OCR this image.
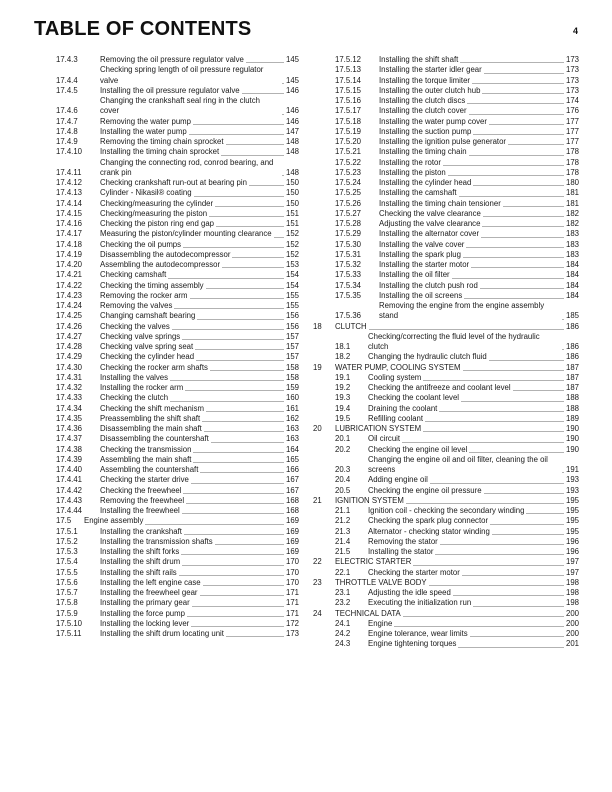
TABLE OF CONTENTS	4
17.4.3	Removing the oil pressure regulator valve	145
17.4.4
Checking spring length of oil pressure regulator valve	145
17.4.5	Installing the oil pressure regulator valve	146
17.4.6
Changing the crankshaft seal ring in the clutch cover	146
17.4.7	Removing the water pump	146
17.4.8	Installing the water pump	147
17.4.9	Removing the timing chain sprocket	148
17.4.10	Installing the timing chain sprocket	148
17.4.11
Changing the connecting rod, conrod bearing, and crank pin	148
17.4.12	Checking crankshaft run-out at bearing pin	150
17.4.13	Cylinder - Nikasil® coating	150
17.4.14	Checking/measuring the cylinder	150
17.4.15	Checking/measuring the piston	151
17.4.16	Checking the piston ring end gap	151
17.4.17	Measuring the piston/cylinder mounting clearance 152
17.4.18	Checking the oil pumps	152
17.4.19	Disassembling the autodecompressor	152
17.4.20	Assembling the autodecompressor	153
17.4.21	Checking camshaft	154
17.4.22	Checking the timing assembly	154
17.4.23	Removing the rocker arm	155
17.4.24	Removing the valves	155
17.4.25	Changing camshaft bearing	156
17.4.26	Checking the valves	156
17.4.27	Checking valve springs	157
17.4.28	Checking valve spring seat	157
17.4.29	Checking the cylinder head	157
17.4.30	Checking the rocker arm shafts	158
17.4.31	Installing the valves	158
17.4.32	Installing the rocker arm	159
17.4.33	Checking the clutch	160
17.4.34	Checking the shift mechanism	161
17.4.35	Preassembling the shift shaft	162
17.4.36	Disassembling the main shaft	163
17.4.37	Disassembling the countershaft	163
17.4.38	Checking the transmission	164
17.4.39	Assembling the main shaft	165
17.4.40	Assembling the countershaft	166
17.4.41	Checking the starter drive	167
17.4.42	Checking the freewheel	167
17.4.43	Removing the freewheel	168
17.4.44	Installing the freewheel	168
17.5	Engine assembly	169
17.5.1	Installing the crankshaft	169
17.5.2	Installing the transmission shafts	169
17.5.3	Installing the shift forks	169
17.5.4	Installing the shift drum	170
17.5.5	Installing the shift rails	170
17.5.6	Installing the left engine case	170
17.5.7	Installing the freewheel gear	171
17.5.8	Installing the primary gear	171
17.5.9	Installing the force pump	171
17.5.10	Installing the locking lever	172
17.5.11	Installing the shift drum locating unit	173
17.5.12	Installing the shift shaft	173
17.5.13	Installing the starter idler gear	173
17.5.14	Installing the torque limiter	173
17.5.15	Installing the outer clutch hub	173
17.5.16	Installing the clutch discs	174
17.5.17	Installing the clutch cover	176
17.5.18	Installing the water pump cover	177
17.5.19	Installing the suction pump	177
17.5.20	Installing the ignition pulse generator	177
17.5.21	Installing the timing chain	178
17.5.22	Installing the rotor	178
17.5.23	Installing the piston	178
17.5.24	Installing the cylinder head	180
17.5.25	Installing the camshaft	181
17.5.26	Installing the timing chain tensioner	181
17.5.27	Checking the valve clearance	182
17.5.28	Adjusting the valve clearance	182
17.5.29	Installing the alternator cover	183
17.5.30	Installing the valve cover	183
17.5.31	Installing the spark plug	183
17.5.32	Installing the starter motor	184
17.5.33	Installing the oil filter	184
17.5.34	Installing the clutch push rod	184
17.5.35	Installing the oil screens	184
17.5.36
Removing the engine from the engine assembly stand	185
18	CLUTCH	186
18.1
Checking/correcting the fluid level of the hydraulic clutch	186
18.2	Changing the hydraulic clutch fluid	186
19	WATER PUMP, COOLING SYSTEM	187
19.1	Cooling system	187
19.2	Checking the antifreeze and coolant level	187
19.3	Checking the coolant level	188
19.4	Draining the coolant	188
19.5	Refilling coolant	189
20	LUBRICATION SYSTEM	190
20.1	Oil circuit	190
20.2	Checking the engine oil level	190
20.3
Changing the engine oil and oil filter, cleaning the oil screens	191
20.4	Adding engine oil	193
20.5	Checking the engine oil pressure	193
21	IGNITION SYSTEM	195
21.1	Ignition coil - checking the secondary winding	195
21.2	Checking the spark plug connector	195
21.3	Alternator - checking stator winding	195
21.4	Removing the stator	196
21.5	Installing the stator	196
22	ELECTRIC STARTER	197
22.1	Checking the starter motor	197
23	THROTTLE VALVE BODY	198
23.1	Adjusting the idle speed	198
23.2	Executing the initialization run	198
24	TECHNICAL DATA	200
24.1	Engine	200
24.2	Engine tolerance, wear limits	200
24.3	Engine tightening torques	201
